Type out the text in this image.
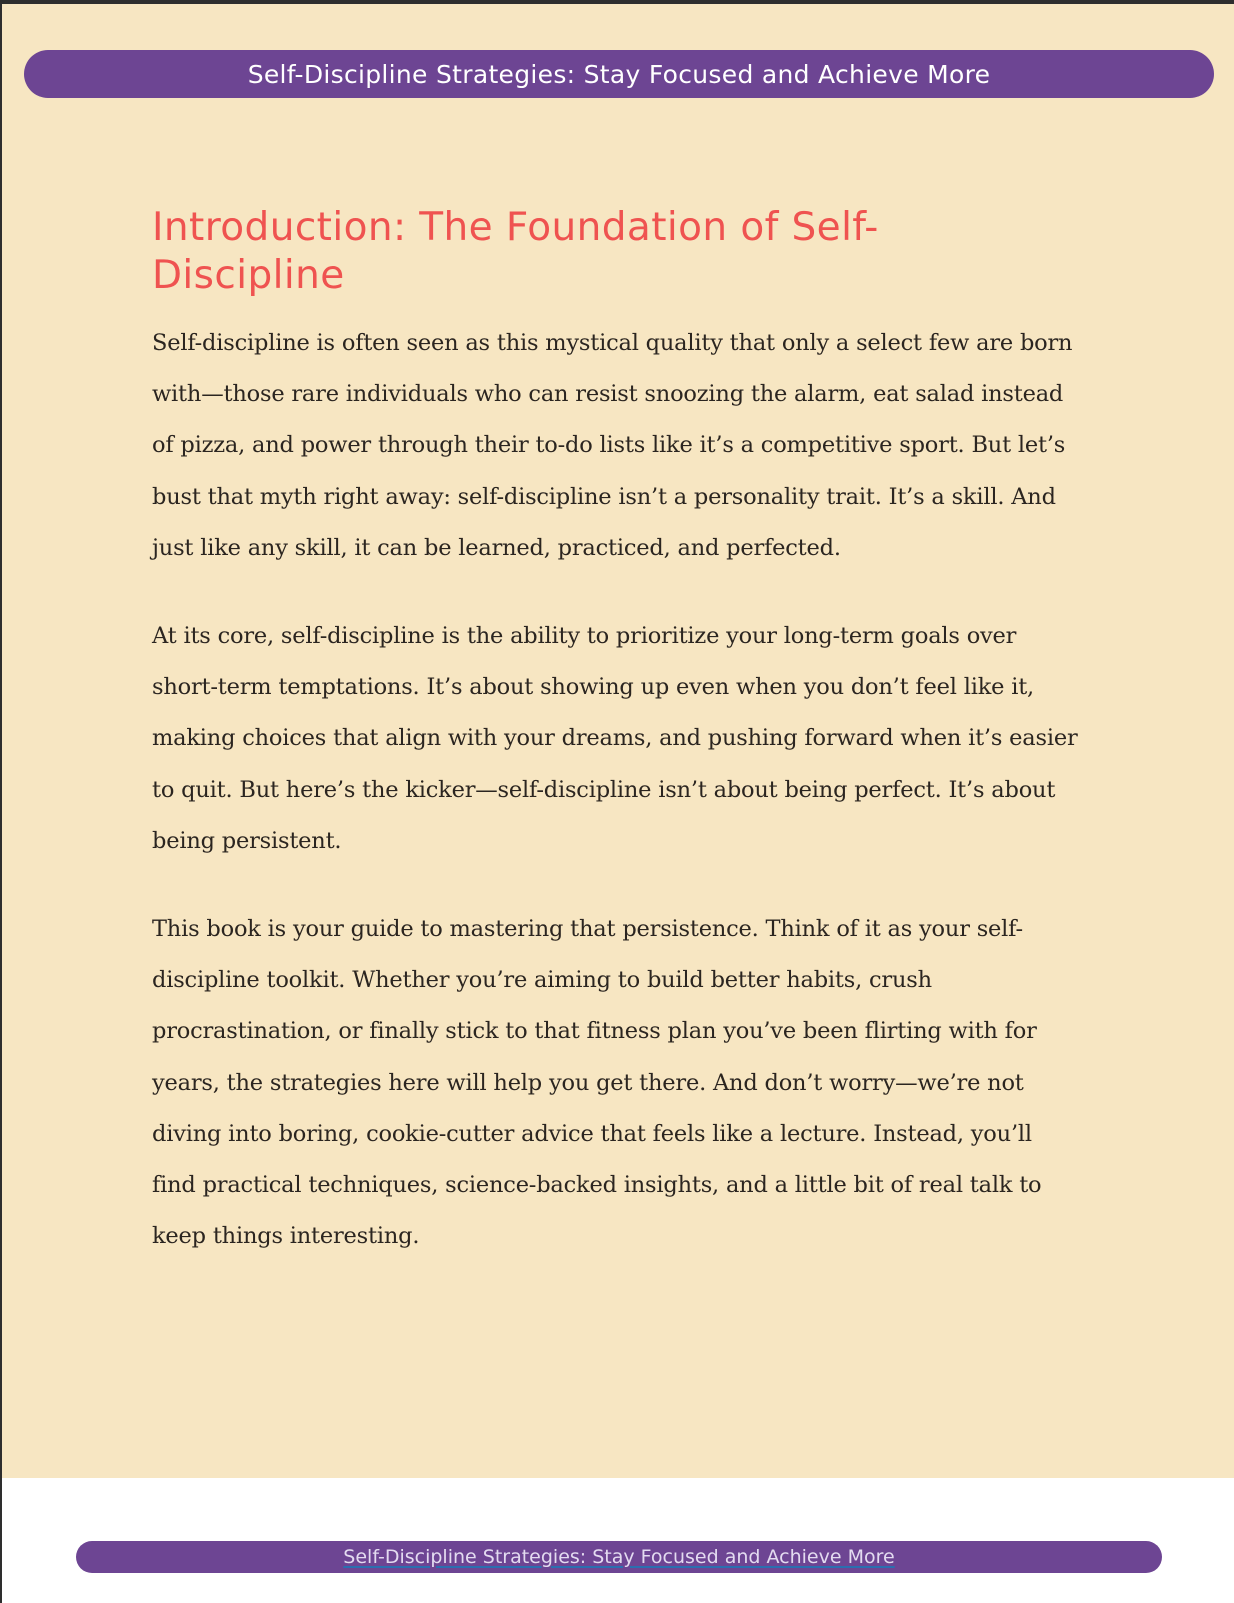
Self-Discipline Strategies: Stay Focused and Achieve More
Introduction: The Foundation of Self-Discipline

Self-discipline is often seen as this mystical quality that only a select few are born with—those rare individuals who can resist snoozing the alarm, eat salad instead of pizza, and power through their to-do lists like it’s a competitive sport. But let’s bust that myth right away: self-discipline isn’t a personality trait. It’s a skill. And just like any skill, it can be learned, practiced, and perfected.

At its core, self-discipline is the ability to prioritize your long-term goals over short-term temptations. It’s about showing up even when you don’t feel like it, making choices that align with your dreams, and pushing forward when it’s easier to quit. But here’s the kicker—self-discipline isn’t about being perfect. It’s about being persistent.

This book is your guide to mastering that persistence. Think of it as your self-discipline toolkit. Whether you’re aiming to build better habits, crush procrastination, or finally stick to that fitness plan you’ve been flirting with for years, the strategies here will help you get there. And don’t worry—we’re not diving into boring, cookie-cutter advice that feels like a lecture. Instead, you’ll find practical techniques, science-backed insights, and a little bit of real talk to keep things interesting.

Self-Discipline Strategies: Stay Focused and Achieve More
